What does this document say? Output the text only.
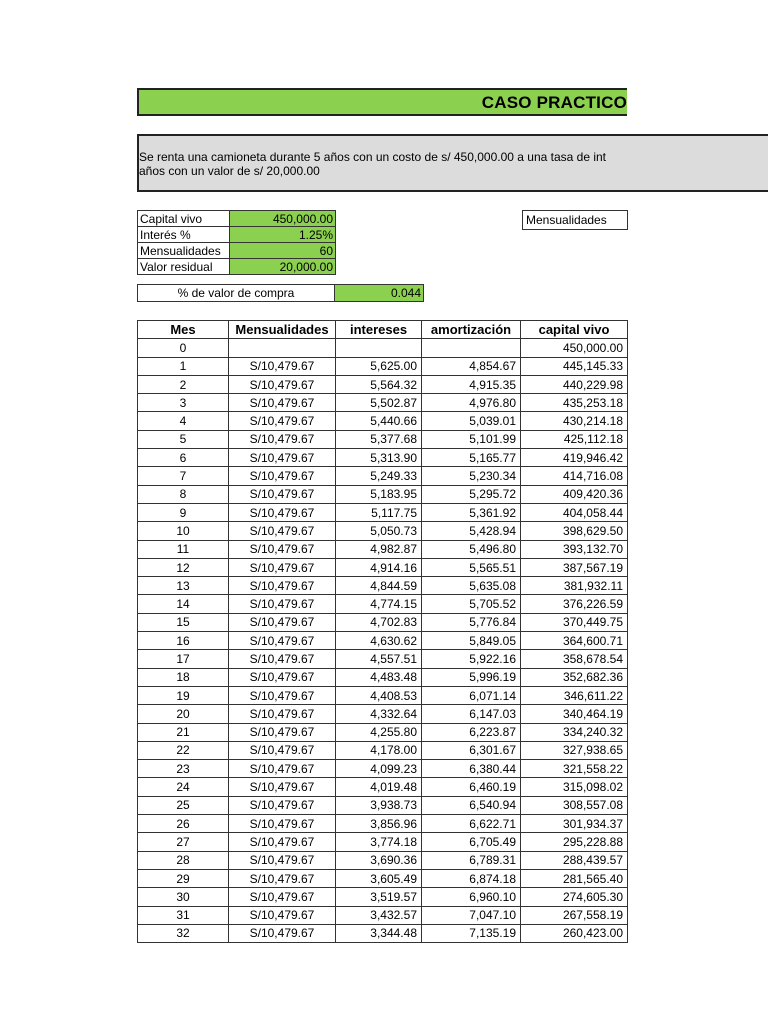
CASO PRACTICO
Se renta una camioneta durante 5 años con un costo de s/ 450,000.00 a una tasa de int
años con un valor de s/ 20,000.00
Capital vivo	450,000.00
Interés %	1.25%
Mensualidades	60
Valor residual	20,000.00
% de valor de compra	0.044
Mensualidades
Mes	Mensualidades	intereses	amortización	capital vivo
0				450,000.00
1	S/10,479.67	5,625.00	4,854.67	445,145.33
2	S/10,479.67	5,564.32	4,915.35	440,229.98
3	S/10,479.67	5,502.87	4,976.80	435,253.18
4	S/10,479.67	5,440.66	5,039.01	430,214.18
5	S/10,479.67	5,377.68	5,101.99	425,112.18
6	S/10,479.67	5,313.90	5,165.77	419,946.42
7	S/10,479.67	5,249.33	5,230.34	414,716.08
8	S/10,479.67	5,183.95	5,295.72	409,420.36
9	S/10,479.67	5,117.75	5,361.92	404,058.44
10	S/10,479.67	5,050.73	5,428.94	398,629.50
11	S/10,479.67	4,982.87	5,496.80	393,132.70
12	S/10,479.67	4,914.16	5,565.51	387,567.19
13	S/10,479.67	4,844.59	5,635.08	381,932.11
14	S/10,479.67	4,774.15	5,705.52	376,226.59
15	S/10,479.67	4,702.83	5,776.84	370,449.75
16	S/10,479.67	4,630.62	5,849.05	364,600.71
17	S/10,479.67	4,557.51	5,922.16	358,678.54
18	S/10,479.67	4,483.48	5,996.19	352,682.36
19	S/10,479.67	4,408.53	6,071.14	346,611.22
20	S/10,479.67	4,332.64	6,147.03	340,464.19
21	S/10,479.67	4,255.80	6,223.87	334,240.32
22	S/10,479.67	4,178.00	6,301.67	327,938.65
23	S/10,479.67	4,099.23	6,380.44	321,558.22
24	S/10,479.67	4,019.48	6,460.19	315,098.02
25	S/10,479.67	3,938.73	6,540.94	308,557.08
26	S/10,479.67	3,856.96	6,622.71	301,934.37
27	S/10,479.67	3,774.18	6,705.49	295,228.88
28	S/10,479.67	3,690.36	6,789.31	288,439.57
29	S/10,479.67	3,605.49	6,874.18	281,565.40
30	S/10,479.67	3,519.57	6,960.10	274,605.30
31	S/10,479.67	3,432.57	7,047.10	267,558.19
32	S/10,479.67	3,344.48	7,135.19	260,423.00
